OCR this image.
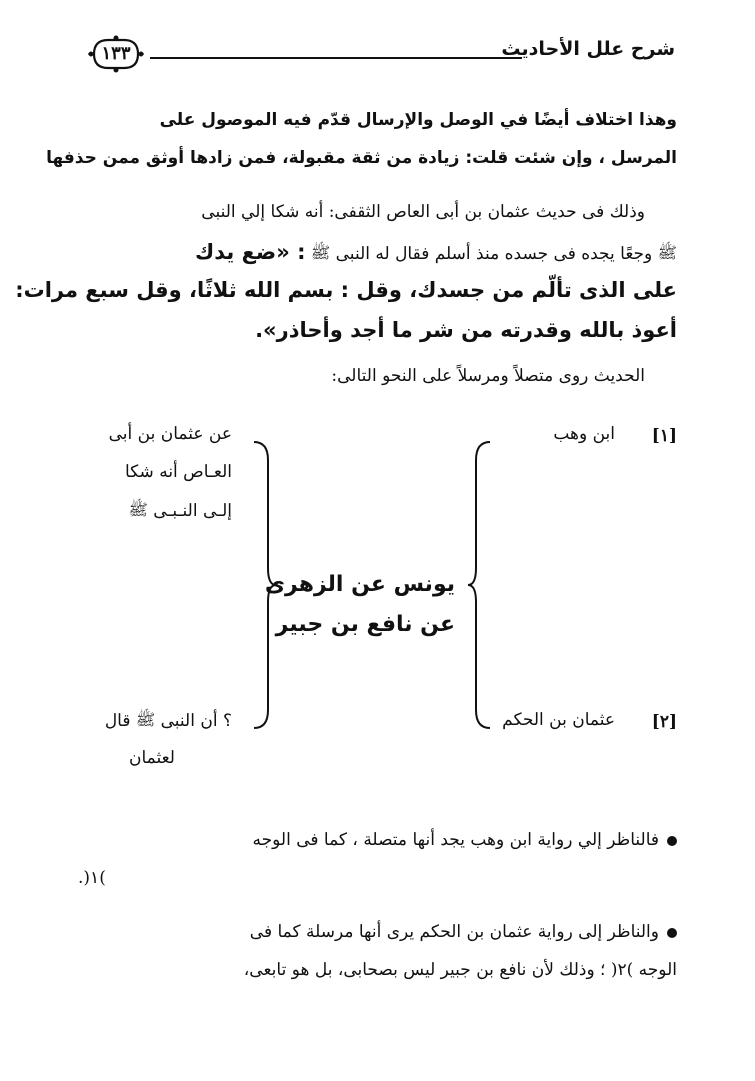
شرح علل الأحاديث
١٣٣
وهذا اختلاف أيضًا في الوصل والإرسال قدّم فيه الموصول على
المرسل ، وإن شئت قلت: زيادة من ثقة مقبولة، فمن زادها أوثق ممن حذفها
وذلك فى حديث عثمان بن أبى العاص الثقفى: أنه شكا إلي النبى
ﷺ وجعًا يجده فى جسده منذ أسلم فقال له النبى ﷺ : «ضع يدك
على الذى تألّم من جسدك، وقل : بسم الله ثلاثًا، وقل سبع مرات:
أعوذ بالله وقدرته من شر ما أجد وأحاذر».
الحديث روى متصلاً ومرسلاً على النحو التالى:
[١]
ابن وهب
[٢]
عثمان بن الحكم
يونس عن الزهرى
عن نافع بن جبير
عن عثمان بن أبى
العـاص أنه شكا
إلـى النـبـى ﷺ
؟ أن النبى ﷺ قال
لعثمان
فالناظر إلي رواية ابن وهب يجد أنها متصلة ، كما فى الوجه
)١(.
والناظر إلى رواية عثمان بن الحكم يرى أنها مرسلة كما فى
الوجه )٢( ؛ وذلك لأن نافع بن جبير ليس بصحابى، بل هو تابعى،
